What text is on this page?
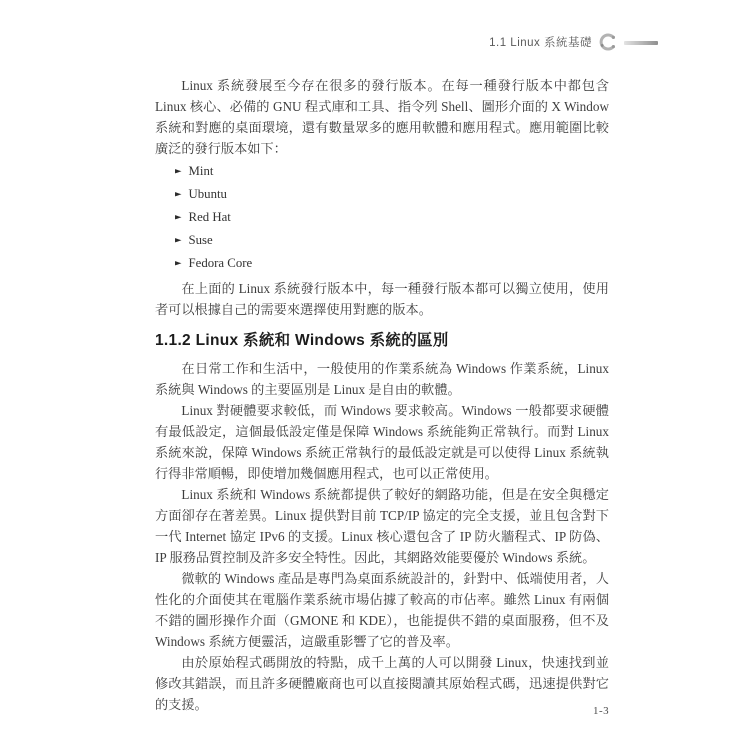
1.1 Linux 系統基礎

Linux 系統發展至今存在很多的發行版本。在每一種發行版本中都包含 Linux 核心、必備的 GNU 程式庫和工具、指令列 Shell、圖形介面的 X Window 系統和對應的桌面環境，還有數量眾多的應用軟體和應用程式。應用範圍比較廣泛的發行版本如下：

► Mint
► Ubuntu
► Red Hat
► Suse
► Fedora Core

在上面的 Linux 系統發行版本中，每一種發行版本都可以獨立使用，使用者可以根據自己的需要來選擇使用對應的版本。

1.1.2 Linux 系統和 Windows 系統的區別

在日常工作和生活中，一般使用的作業系統為 Windows 作業系統，Linux 系統與 Windows 的主要區別是 Linux 是自由的軟體。

Linux 對硬體要求較低，而 Windows 要求較高。Windows 一般都要求硬體有最低設定，這個最低設定僅是保障 Windows 系統能夠正常執行。而對 Linux 系統來說，保障 Windows 系統正常執行的最低設定就是可以使得 Linux 系統執行得非常順暢，即使增加幾個應用程式，也可以正常使用。

Linux 系統和 Windows 系統都提供了較好的網路功能，但是在安全與穩定方面卻存在著差異。Linux 提供對目前 TCP/IP 協定的完全支援，並且包含對下一代 Internet 協定 IPv6 的支援。Linux 核心還包含了 IP 防火牆程式、IP 防偽、IP 服務品質控制及許多安全特性。因此，其網路效能要優於 Windows 系統。

微軟的 Windows 產品是專門為桌面系統設計的，針對中、低端使用者，人性化的介面使其在電腦作業系統市場佔據了較高的市佔率。雖然 Linux 有兩個不錯的圖形操作介面（GMONE 和 KDE），也能提供不錯的桌面服務，但不及 Windows 系統方便靈活，這嚴重影響了它的普及率。

由於原始程式碼開放的特點，成千上萬的人可以開發 Linux，快速找到並修改其錯誤，而且許多硬體廠商也可以直接閱讀其原始程式碼，迅速提供對它的支援。	1-3
